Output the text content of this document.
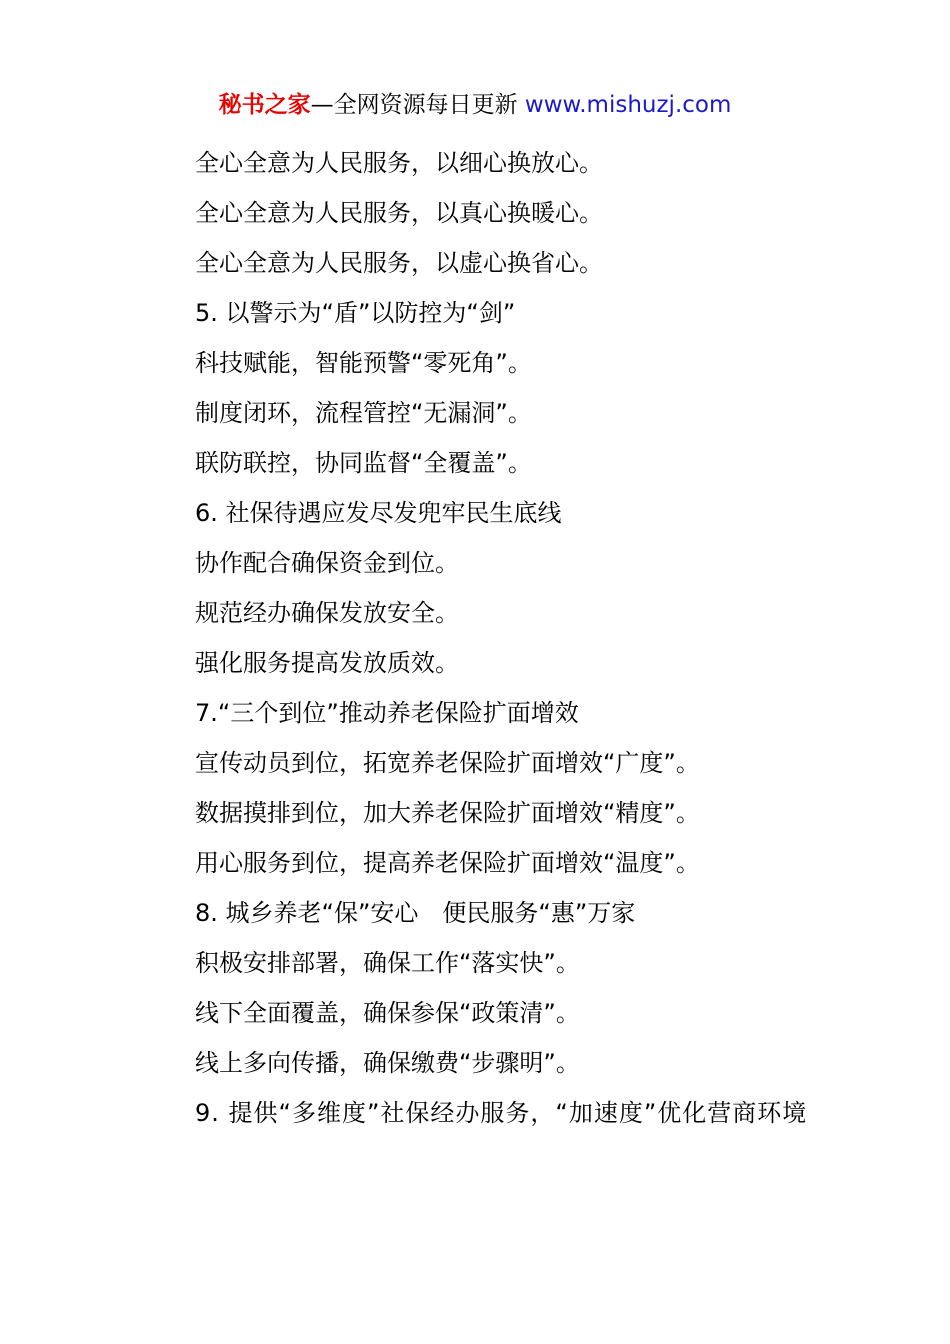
秘书之家—全网资源每日更新 www.mishuzj.com
全心全意为人民服务，以细心换放心。
全心全意为人民服务，以真心换暖心。
全心全意为人民服务，以虚心换省心。
5. 以警示为“盾”以防控为“剑”
科技赋能，智能预警“零死角”。
制度闭环，流程管控“无漏洞”。
联防联控，协同监督“全覆盖”。
6. 社保待遇应发尽发兜牢民生底线
协作配合确保资金到位。
规范经办确保发放安全。
强化服务提高发放质效。
7.“三个到位”推动养老保险扩面增效
宣传动员到位，拓宽养老保险扩面增效“广度”。
数据摸排到位，加大养老保险扩面增效“精度”。
用心服务到位，提高养老保险扩面增效“温度”。
8. 城乡养老“保”安心　便民服务“惠”万家
积极安排部署，确保工作“落实快”。
线下全面覆盖，确保参保“政策清”。
线上多向传播，确保缴费“步骤明”。
9. 提供“多维度”社保经办服务，“加速度”优化营商环境
